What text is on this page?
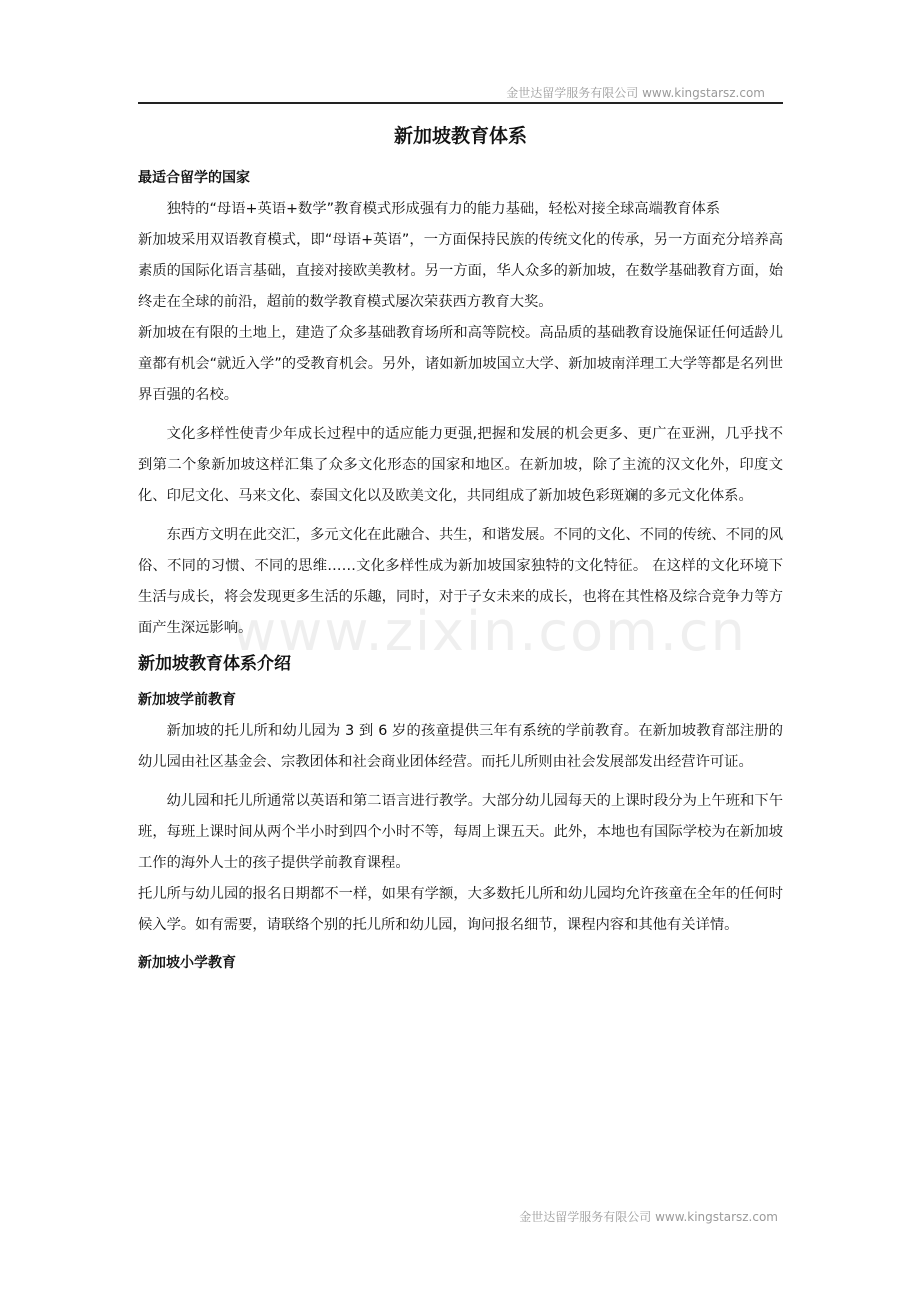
金世达留学服务有限公司 www.kingstarsz.com
www.zixin.com.cn
新加坡教育体系
最适合留学的国家

独特的“母语+英语+数学”教育模式形成强有力的能力基础，轻松对接全球高端教育体系

新加坡采用双语教育模式，即“母语+英语”，一方面保持民族的传统文化的传承，另一方面充分培养高素质的国际化语言基础，直接对接欧美教材。另一方面，华人众多的新加坡，在数学基础教育方面，始终走在全球的前沿，超前的数学教育模式屡次荣获西方教育大奖。

新加坡在有限的土地上，建造了众多基础教育场所和高等院校。高品质的基础教育设施保证任何适龄儿童都有机会“就近入学”的受教育机会。另外，诸如新加坡国立大学、新加坡南洋理工大学等都是名列世界百强的名校。

文化多样性使青少年成长过程中的适应能力更强,把握和发展的机会更多、更广在亚洲，几乎找不到第二个象新加坡这样汇集了众多文化形态的国家和地区。在新加坡，除了主流的汉文化外，印度文化、印尼文化、马来文化、泰国文化以及欧美文化，共同组成了新加坡色彩斑斓的多元文化体系。

东西方文明在此交汇，多元文化在此融合、共生，和谐发展。不同的文化、不同的传统、不同的风俗、不同的习惯、不同的思维……文化多样性成为新加坡国家独特的文化特征。 在这样的文化环境下生活与成长，将会发现更多生活的乐趣，同时，对于子女未来的成长，也将在其性格及综合竞争力等方面产生深远影响。

新加坡教育体系介绍
新加坡学前教育

新加坡的托儿所和幼儿园为 3 到 6 岁的孩童提供三年有系统的学前教育。在新加坡教育部注册的幼儿园由社区基金会、宗教团体和社会商业团体经营。而托儿所则由社会发展部发出经营许可证。

幼儿园和托儿所通常以英语和第二语言进行教学。大部分幼儿园每天的上课时段分为上午班和下午班，每班上课时间从两个半小时到四个小时不等，每周上课五天。此外，本地也有国际学校为在新加坡工作的海外人士的孩子提供学前教育课程。

托儿所与幼儿园的报名日期都不一样，如果有学额，大多数托儿所和幼儿园均允许孩童在全年的任何时候入学。如有需要，请联络个别的托儿所和幼儿园，询问报名细节，课程内容和其他有关详情。

新加坡小学教育
金世达留学服务有限公司 www.kingstarsz.com
